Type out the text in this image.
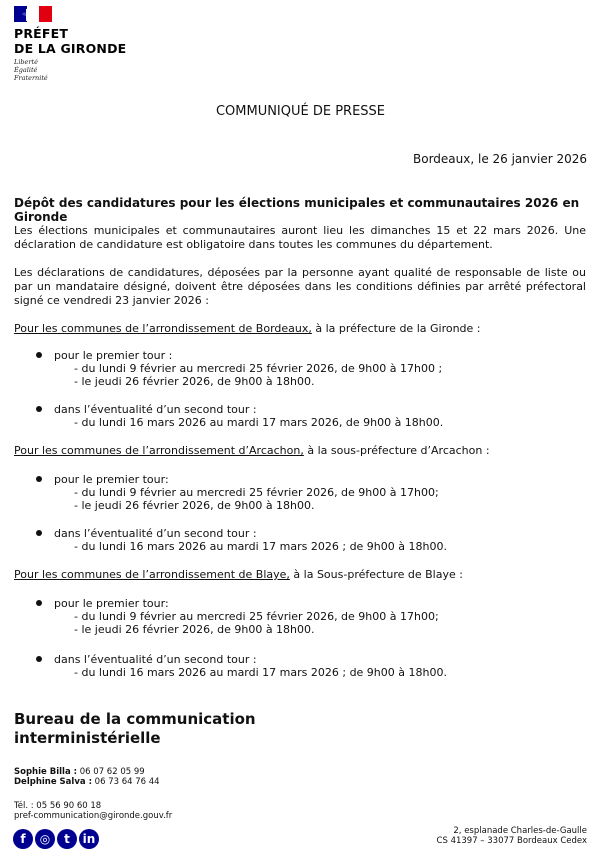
PRÉFET
DE LA GIRONDE
Liberté
Égalité
Fraternité
COMMUNIQUÉ DE PRESSE
Bordeaux, le 26 janvier 2026
Dépôt des candidatures pour les élections municipales et communautaires 2026 en Gironde
Les élections municipales et communautaires auront lieu les dimanches 15 et 22 mars 2026. Une déclaration de candidature est obligatoire dans toutes les communes du département.
Les déclarations de candidatures, déposées par la personne ayant qualité de responsable de liste ou par un mandataire désigné, doivent être déposées dans les conditions définies par arrêté préfectoral signé ce vendredi 23 janvier 2026 :
Pour les communes de l’arrondissement de Bordeaux, à la préfecture de la Gironde :
pour le premier tour :
- du lundi 9 février au mercredi 25 février 2026, de 9h00 à 17h00 ;
- le jeudi 26 février 2026, de 9h00 à 18h00.
dans l’éventualité d’un second tour :
- du lundi 16 mars 2026 au mardi 17 mars 2026, de 9h00 à 18h00.
Pour les communes de l’arrondissement d’Arcachon, à la sous-préfecture d’Arcachon :
pour le premier tour:
- du lundi 9 février au mercredi 25 février 2026, de 9h00 à 17h00;
- le jeudi 26 février 2026, de 9h00 à 18h00.
dans l’éventualité d’un second tour :
- du lundi 16 mars 2026 au mardi 17 mars 2026 ; de 9h00 à 18h00.
Pour les communes de l’arrondissement de Blaye, à la Sous-préfecture de Blaye :
pour le premier tour:
- du lundi 9 février au mercredi 25 février 2026, de 9h00 à 17h00;
- le jeudi 26 février 2026, de 9h00 à 18h00.
dans l’éventualité d’un second tour :
- du lundi 16 mars 2026 au mardi 17 mars 2026 ; de 9h00 à 18h00.
Bureau de la communication
interministérielle
Sophie Billa : 06 07 62 05 99
Delphine Salva : 06 73 64 76 44
Tél. : 05 56 90 60 18
pref-communication@gironde.gouv.fr
f	◎	t	in
2, esplanade Charles-de-Gaulle
CS 41397 – 33077 Bordeaux Cedex
